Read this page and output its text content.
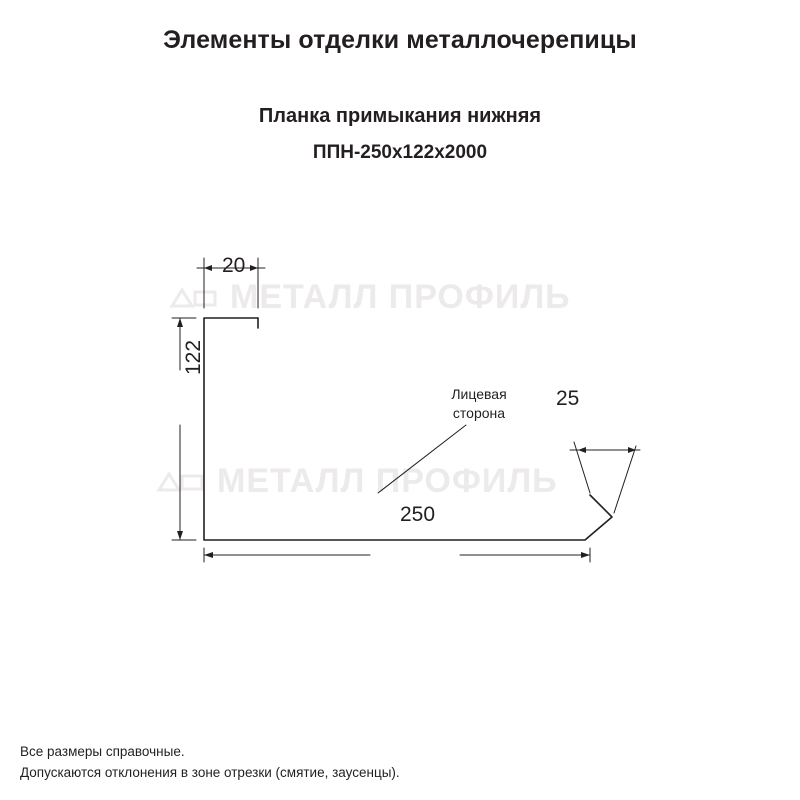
Элементы отделки металлочерепицы
Планка примыкания нижняя
ППН-250х122х2000
МЕТАЛЛ ПРОФИЛЬ
МЕТАЛЛ ПРОФИЛЬ
Лицевая
сторона
20
122
250
25
Все размеры справочные.
Допускаются отклонения в зоне отрезки (смятие, заусенцы).
